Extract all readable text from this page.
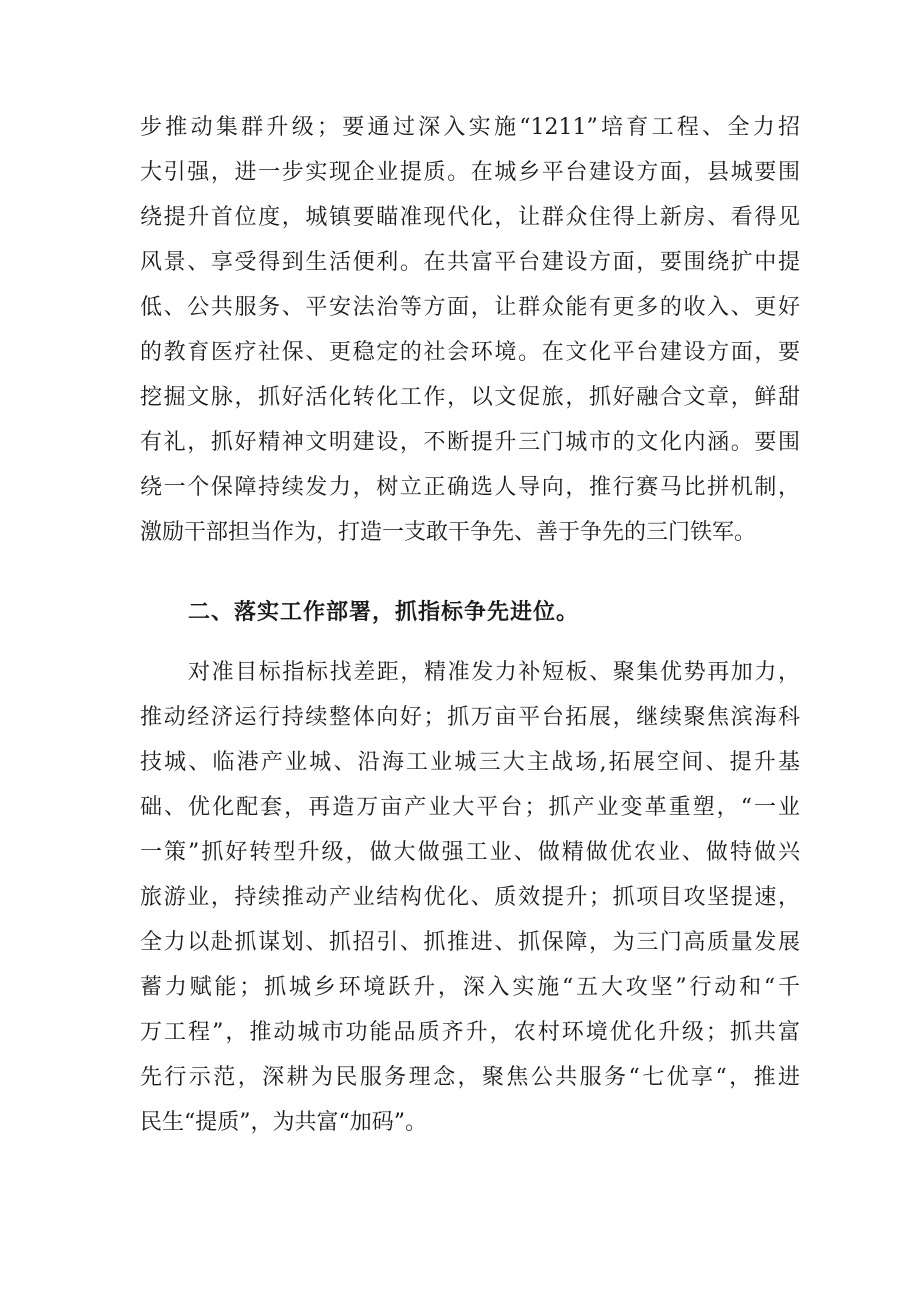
步推动集群升级；要通过深入实施“1211”培育工程、全力招
大引强，进一步实现企业提质。在城乡平台建设方面，县城要围
绕提升首位度，城镇要瞄准现代化，让群众住得上新房、看得见
风景、享受得到生活便利。在共富平台建设方面，要围绕扩中提
低、公共服务、平安法治等方面，让群众能有更多的收入、更好
的教育医疗社保、更稳定的社会环境。在文化平台建设方面，要
挖掘文脉，抓好活化转化工作，以文促旅，抓好融合文章，鲜甜
有礼，抓好精神文明建设，不断提升三门城市的文化内涵。要围
绕一个保障持续发力，树立正确选人导向，推行赛马比拼机制，
激励干部担当作为，打造一支敢干争先、善于争先的三门铁军。
二、落实工作部署，抓指标争先进位。
对准目标指标找差距，精准发力补短板、聚集优势再加力，
推动经济运行持续整体向好；抓万亩平台拓展，继续聚焦滨海科
技城、临港产业城、沿海工业城三大主战场,拓展空间、提升基
础、优化配套，再造万亩产业大平台；抓产业变革重塑，“一业
一策”抓好转型升级，做大做强工业、做精做优农业、做特做兴
旅游业，持续推动产业结构优化、质效提升；抓项目攻坚提速，
全力以赴抓谋划、抓招引、抓推进、抓保障，为三门高质量发展
蓄力赋能；抓城乡环境跃升，深入实施“五大攻坚”行动和“千
万工程”，推动城市功能品质齐升，农村环境优化升级；抓共富
先行示范，深耕为民服务理念，聚焦公共服务“七优享“，推进
民生“提质”，为共富“加码”。
